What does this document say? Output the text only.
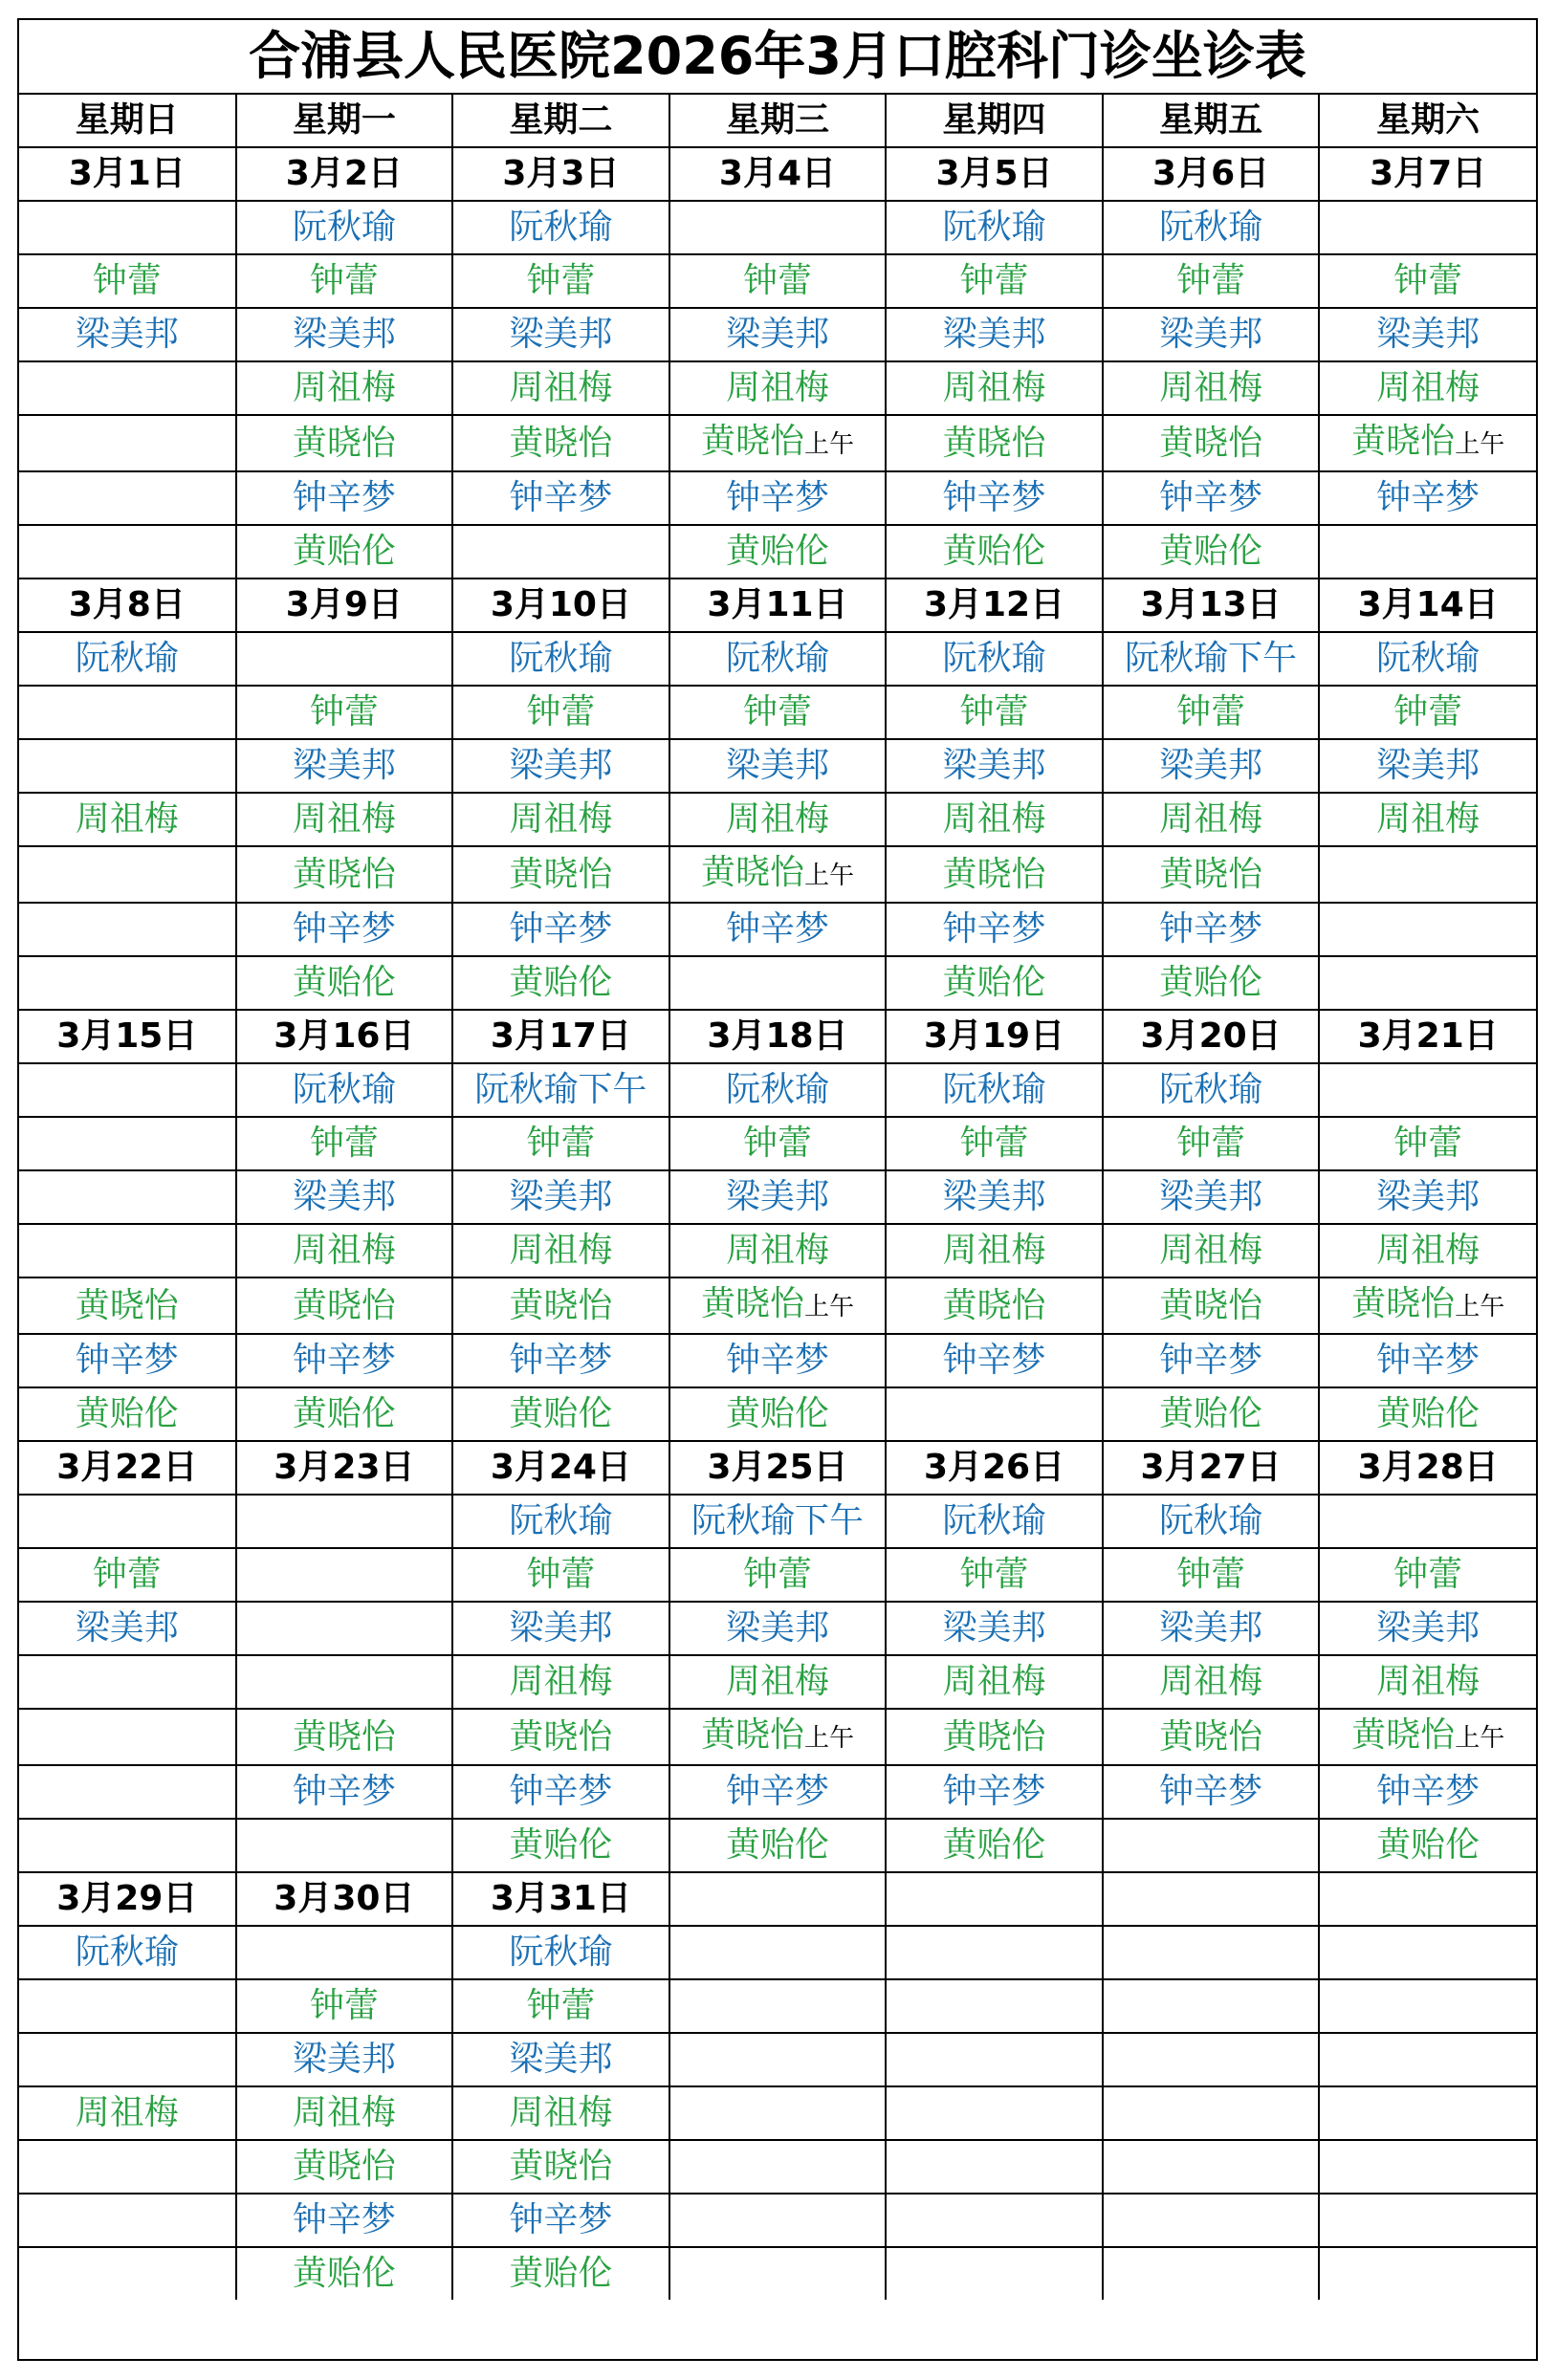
合浦县人民医院2026年3月口腔科门诊坐诊表
星期日	星期一	星期二	星期三	星期四	星期五	星期六
3月1日	3月2日	3月3日	3月4日	3月5日	3月6日	3月7日
	阮秋瑜	阮秋瑜		阮秋瑜	阮秋瑜	
钟蕾	钟蕾	钟蕾	钟蕾	钟蕾	钟蕾	钟蕾
梁美邦	梁美邦	梁美邦	梁美邦	梁美邦	梁美邦	梁美邦
	周祖梅	周祖梅	周祖梅	周祖梅	周祖梅	周祖梅
	黄晓怡	黄晓怡	黄晓怡上午	黄晓怡	黄晓怡	黄晓怡上午
	钟辛梦	钟辛梦	钟辛梦	钟辛梦	钟辛梦	钟辛梦
	黄贻伦		黄贻伦	黄贻伦	黄贻伦	
3月8日	3月9日	3月10日	3月11日	3月12日	3月13日	3月14日
阮秋瑜		阮秋瑜	阮秋瑜	阮秋瑜	阮秋瑜下午	阮秋瑜
	钟蕾	钟蕾	钟蕾	钟蕾	钟蕾	钟蕾
	梁美邦	梁美邦	梁美邦	梁美邦	梁美邦	梁美邦
周祖梅	周祖梅	周祖梅	周祖梅	周祖梅	周祖梅	周祖梅
	黄晓怡	黄晓怡	黄晓怡上午	黄晓怡	黄晓怡	
	钟辛梦	钟辛梦	钟辛梦	钟辛梦	钟辛梦	
	黄贻伦	黄贻伦		黄贻伦	黄贻伦	
3月15日	3月16日	3月17日	3月18日	3月19日	3月20日	3月21日
	阮秋瑜	阮秋瑜下午	阮秋瑜	阮秋瑜	阮秋瑜	
	钟蕾	钟蕾	钟蕾	钟蕾	钟蕾	钟蕾
	梁美邦	梁美邦	梁美邦	梁美邦	梁美邦	梁美邦
	周祖梅	周祖梅	周祖梅	周祖梅	周祖梅	周祖梅
黄晓怡	黄晓怡	黄晓怡	黄晓怡上午	黄晓怡	黄晓怡	黄晓怡上午
钟辛梦	钟辛梦	钟辛梦	钟辛梦	钟辛梦	钟辛梦	钟辛梦
黄贻伦	黄贻伦	黄贻伦	黄贻伦		黄贻伦	黄贻伦
3月22日	3月23日	3月24日	3月25日	3月26日	3月27日	3月28日
		阮秋瑜	阮秋瑜下午	阮秋瑜	阮秋瑜	
钟蕾		钟蕾	钟蕾	钟蕾	钟蕾	钟蕾
梁美邦		梁美邦	梁美邦	梁美邦	梁美邦	梁美邦
		周祖梅	周祖梅	周祖梅	周祖梅	周祖梅
	黄晓怡	黄晓怡	黄晓怡上午	黄晓怡	黄晓怡	黄晓怡上午
	钟辛梦	钟辛梦	钟辛梦	钟辛梦	钟辛梦	钟辛梦
		黄贻伦	黄贻伦	黄贻伦		黄贻伦
3月29日	3月30日	3月31日				
阮秋瑜		阮秋瑜				
	钟蕾	钟蕾				
	梁美邦	梁美邦				
周祖梅	周祖梅	周祖梅				
	黄晓怡	黄晓怡				
	钟辛梦	钟辛梦				
	黄贻伦	黄贻伦				
